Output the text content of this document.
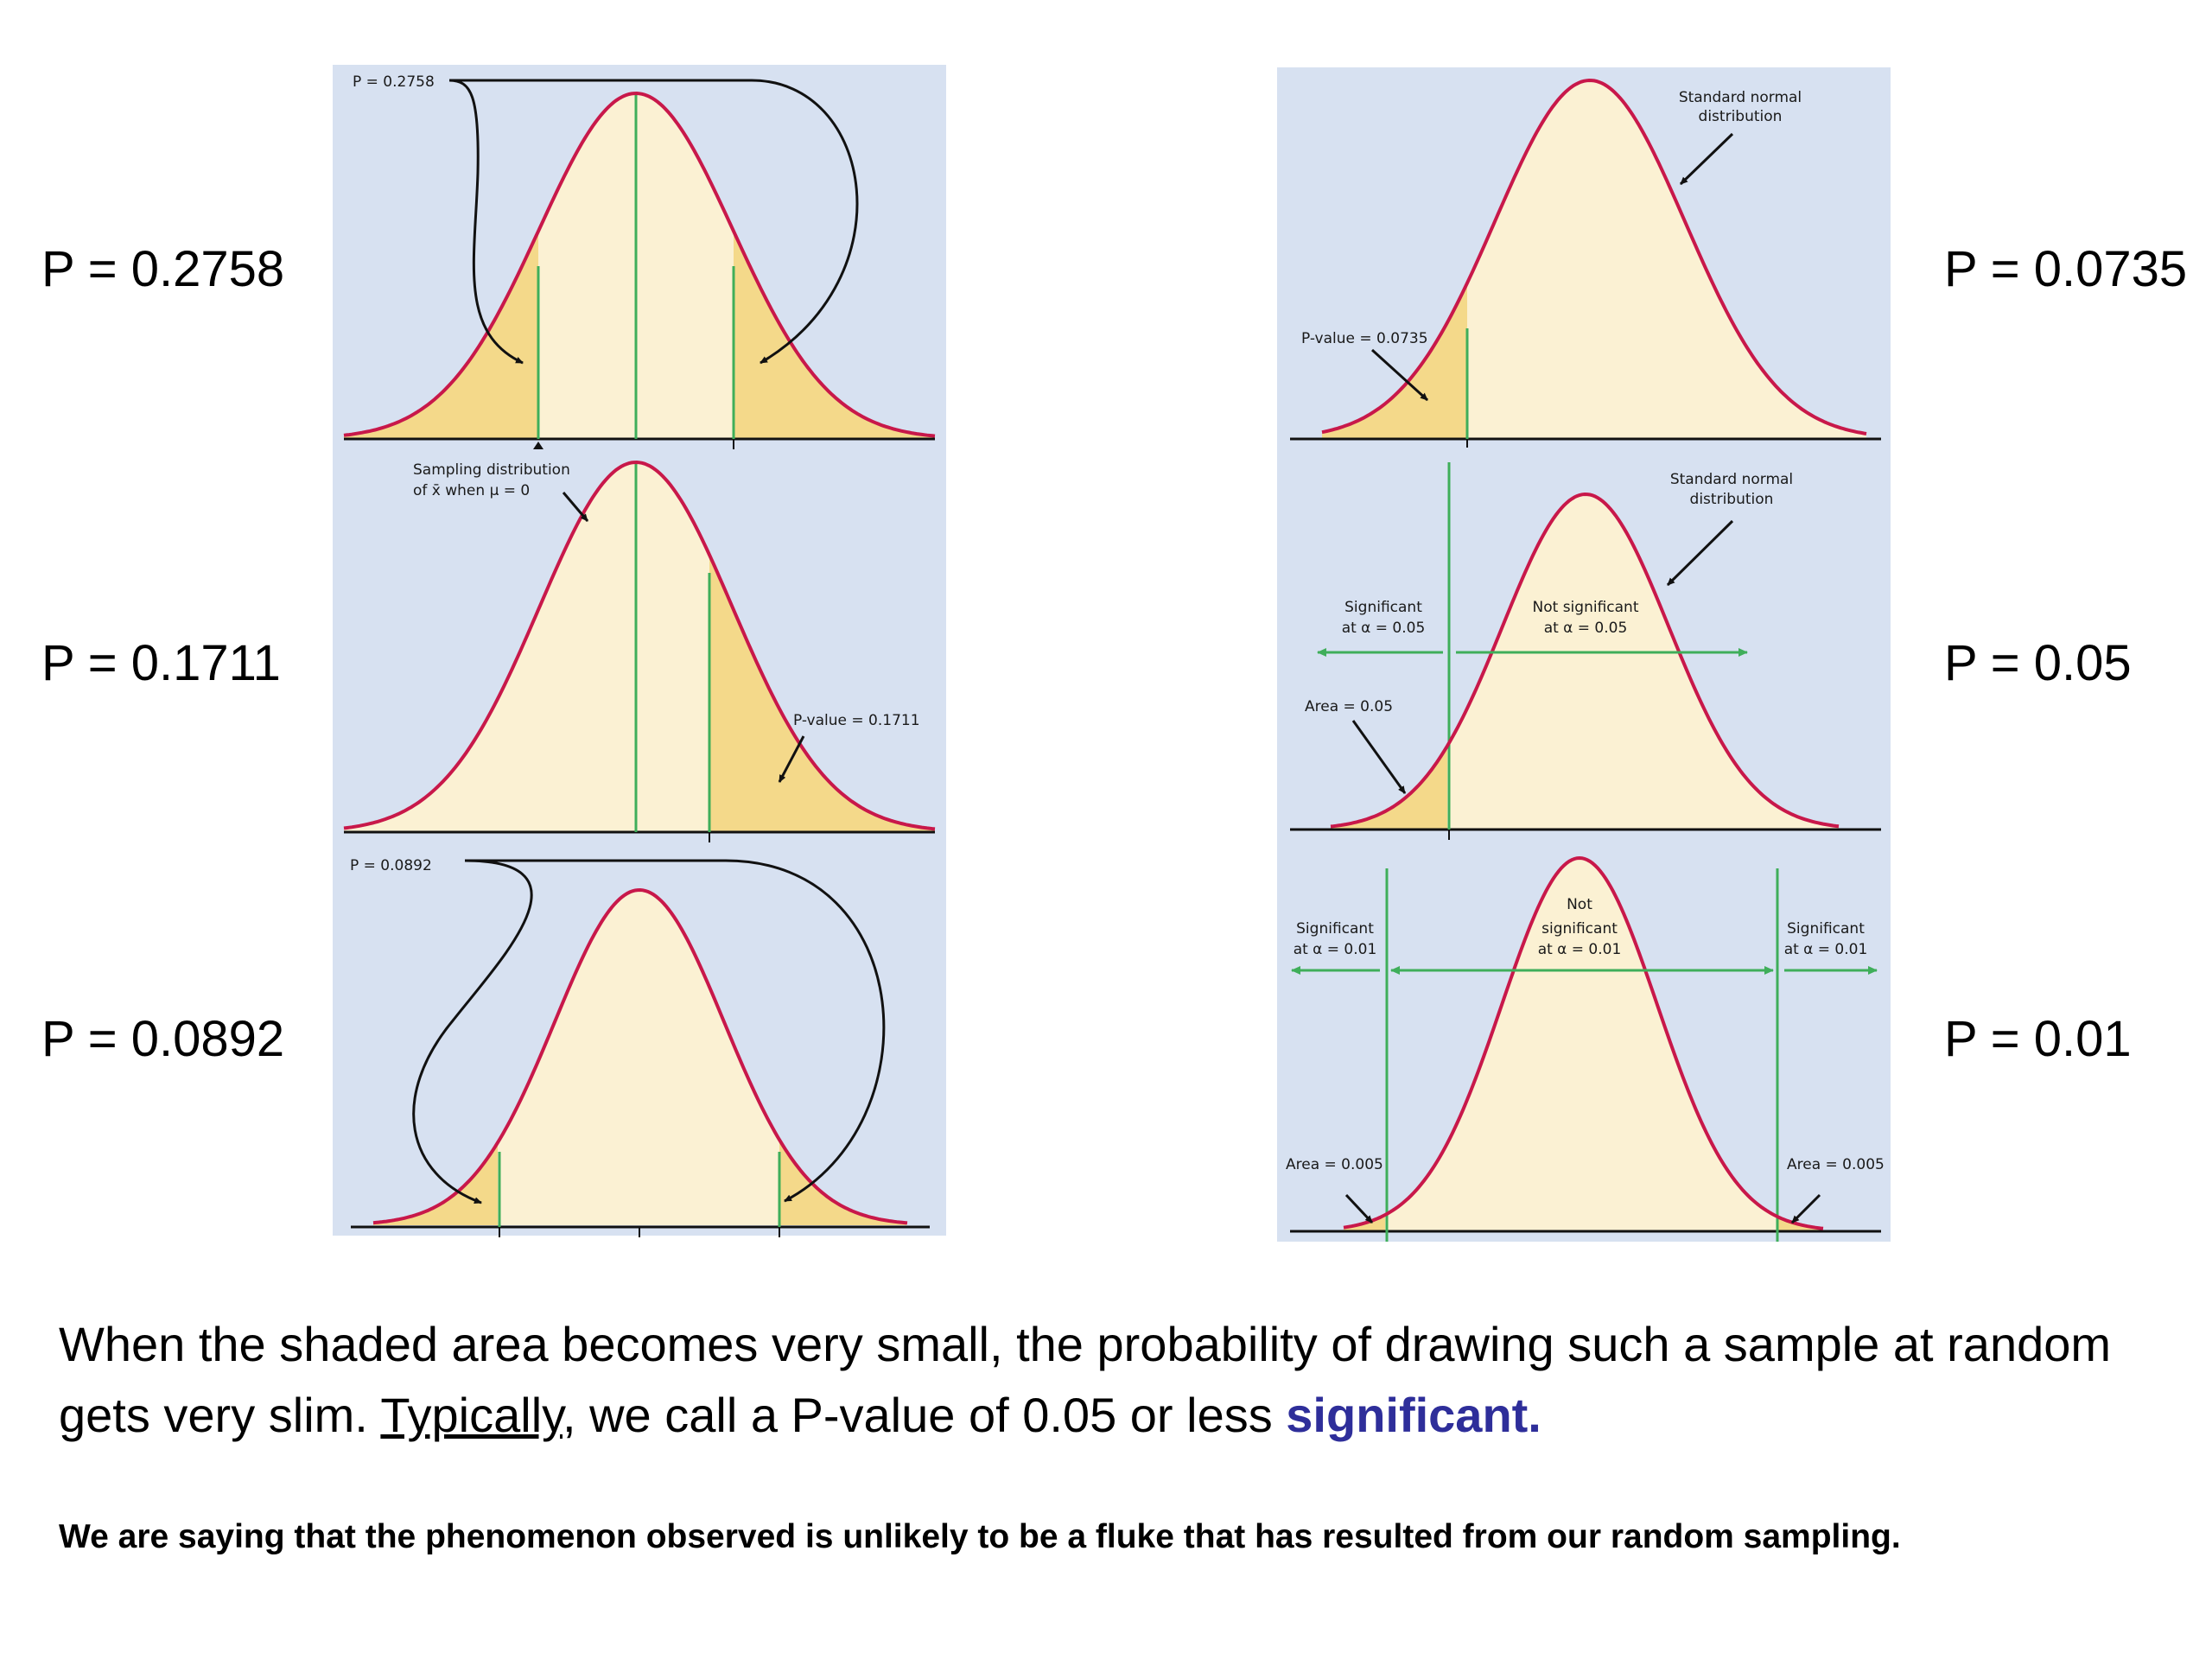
P = 0.2758
P = 0.1711
P = 0.0892
P = 0.0735
P = 0.05
P = 0.01
P = 0.2758
Sampling distribution
of x̄ when μ = 0
P-value = 0.1711
P = 0.0892
Standard normal
distribution
P-value = 0.0735
Standard normal
distribution
Significant
at α = 0.05
Not significant
at α = 0.05
Area = 0.05
Significant
at α = 0.01
Not
significant
at α = 0.01
Significant
at α = 0.01
Area = 0.005	Area = 0.005
When the shaded area becomes very small, the probability of drawing such a sample at random gets very slim. Typically, we call a P-value of 0.05 or less significant.
We are saying that the phenomenon observed is unlikely to be a fluke that has resulted from our random sampling.
